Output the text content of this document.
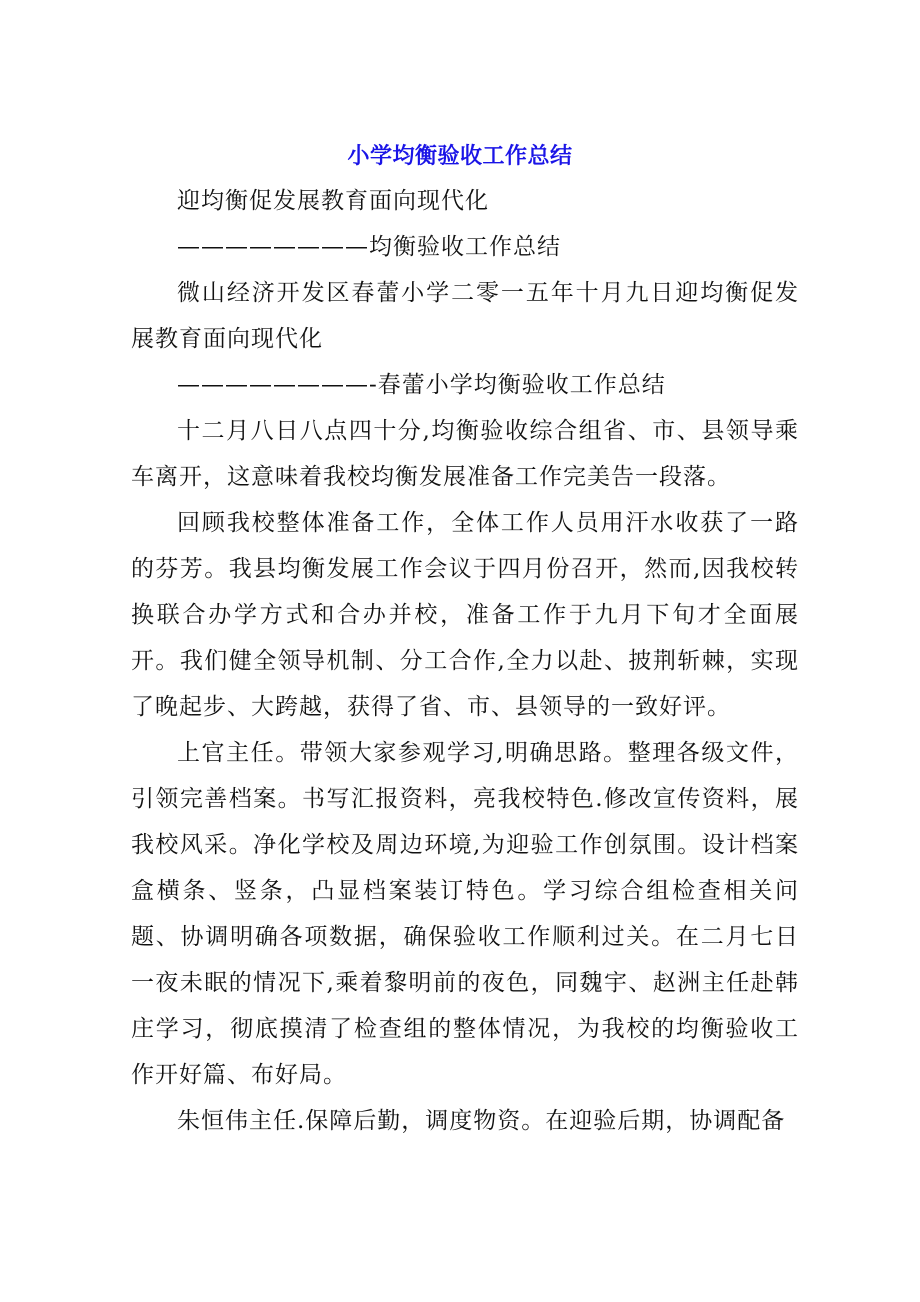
小学均衡验收工作总结

迎均衡促发展教育面向现代化

————————均衡验收工作总结

微山经济开发区春蕾小学二零一五年十月九日迎均衡促发展教育面向现代化

————————-春蕾小学均衡验收工作总结

十二月八日八点四十分,均衡验收综合组省、市、县领导乘车离开，这意味着我校均衡发展准备工作完美告一段落。

回顾我校整体准备工作，全体工作人员用汗水收获了一路的芬芳。我县均衡发展工作会议于四月份召开，然而,因我校转换联合办学方式和合办并校，准备工作于九月下旬才全面展开。我们健全领导机制、分工合作,全力以赴、披荆斩棘，实现了晚起步、大跨越，获得了省、市、县领导的一致好评。

上官主任。带领大家参观学习,明确思路。整理各级文件，引领完善档案。书写汇报资料，亮我校特色.修改宣传资料，展我校风采。净化学校及周边环境,为迎验工作创氛围。设计档案盒横条、竖条，凸显档案装订特色。学习综合组检查相关问题、协调明确各项数据，确保验收工作顺利过关。在二月七日一夜未眠的情况下,乘着黎明前的夜色，同魏宇、赵洲主任赴韩庄学习，彻底摸清了检查组的整体情况，为我校的均衡验收工作开好篇、布好局。

朱恒伟主任.保障后勤，调度物资。在迎验后期，协调配备
